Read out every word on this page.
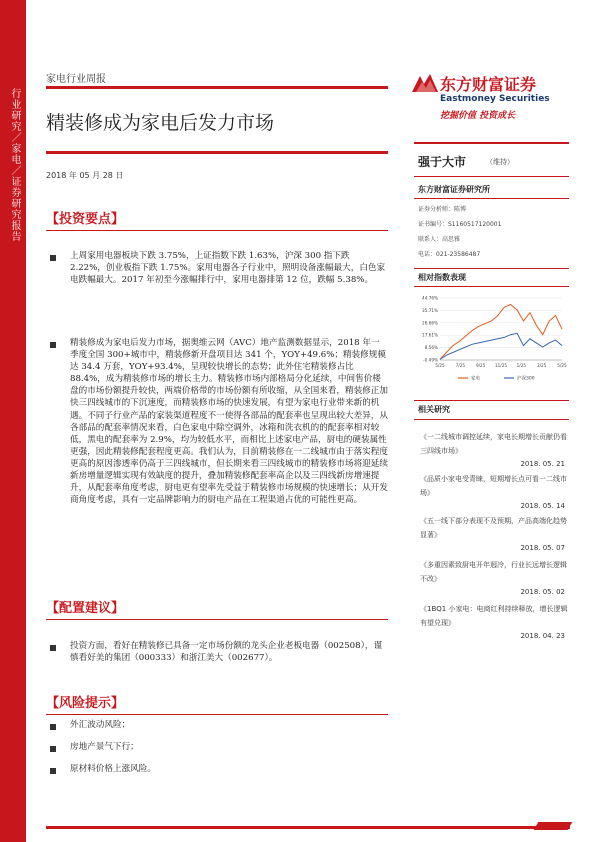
行业研究／家电／证券研究报告
家电行业周报
精装修成为家电后发力市场
2018 年 05 月 28 日
【投资要点】
上周家用电器板块下跌 3.75%，上证指数下跌 1.63%，沪深 300 指下跌 2.22%，创业板指下跌 1.75%。家用电器各子行业中，照明设备涨幅最大，白色家电跌幅最大。2017 年初至今涨幅排行中，家用电器排第 12 位，跌幅 5.38%。
精装修成为家电后发力市场，据奥维云网（AVC）地产监测数据显示，2018 年一季度全国 300+城市中，精装修新开盘项目达 341 个，YOY+49.6%；精装修规模达 34.4 万套，YOY+93.4%，呈现较快增长的态势；此外住宅精装修占比 88.4%，成为精装修市场的增长主力。精装修市场内部格局分化延续，中间售价楼盘的市场份额提升较快，两端价格带的市场份额有所收缩，从全国来看，精装修正加快三四线城市的下沉速度，而精装修市场的快速发展，有望为家电行业带来新的机遇。不同子行业产品的家装渠道程度不一使得各部品的配套率也呈现出较大差异，从各部品的配套率情况来看，白色家电中除空调外，冰箱和洗衣机的的配套率相对较低，黑电的配套率为 2.9%，均为较低水平，而相比上述家电产品，厨电的硬装属性更强，因此精装修配套程度更高。我们认为，目前精装修在一二线城市由于落实程度更高的原因渗透率仍高于三四线城市，但长期来看三四线城市的精装修市场将迎延续新房增量逻辑实现有效缺度的提升，叠加精装修配套率高企以及三四线新房增速提升，从配套率角度考虑，厨电更有望率先受益于精装修市场规模的快速增长；从开发商角度考虑，具有一定品牌影响力的厨电产品在工程渠道占优的可能性更高。
【配置建议】
投资方面，看好在精装修已具备一定市场份额的龙头企业老板电器（002508），谨慎看好美的集团（000333）和浙江美大（002677）。
【风险提示】
外汇波动风险；
房地产景气下行；
原材料价格上涨风险。
东方财富证券
Eastmoney Securities
挖掘价值 投资成长
强于大市	（维持）
东方财富证券研究所
证券分析师：陈博
证书编号：S1160517120001
联系人：高思雅
电话：021-23586487
相对指数表现
44.76%
35.71%
26.66%
17.61%
8.56%
-0.49%
5/25	7/25	9/25 11/25 1/25	3/25	5/25
家电	沪深300
相关研究
《一二线城市调控延续，家电长期增长贡献仍看三四线市场》
2018. 05. 21
《品质小家电受青睐，短期增长点可看一二线市场》
2018. 05. 14
《五一线下部分表现不及预期，产品高端化趋势显著》
2018. 05. 07
《多重因素致厨电开年迥冷，行业长远增长逻辑不改》
2018. 05. 02
《1BQ1 小家电：电商红利持续释放，增长逻辑有望兑现》
2018. 04. 23
